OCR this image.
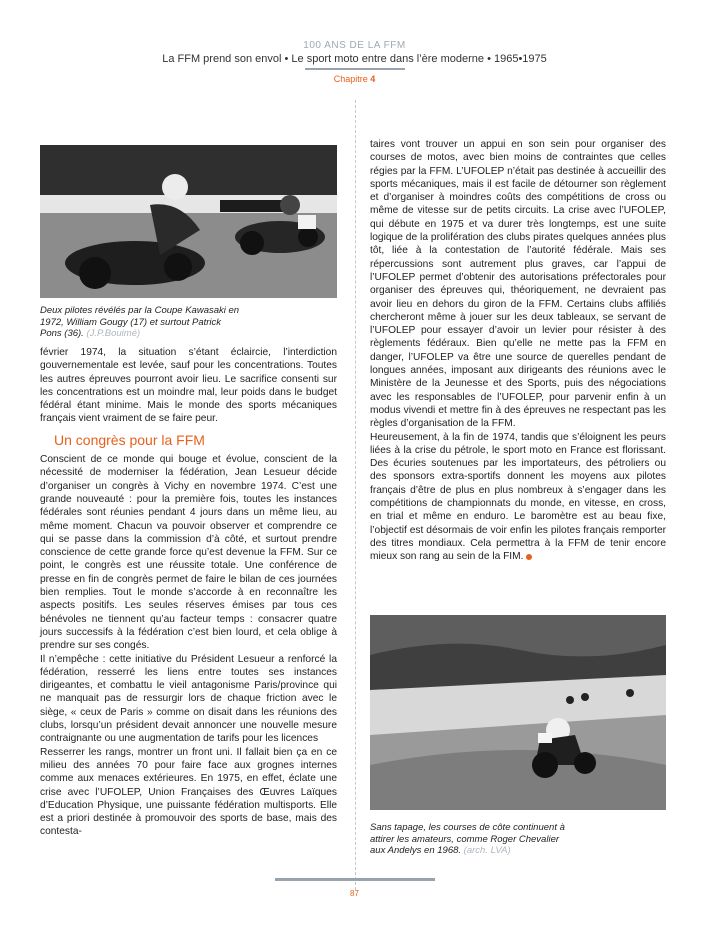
100 ANS DE LA FFM
La FFM prend son envol • Le sport moto entre dans l’ère moderne • 1965•1975
Chapitre 4
Deux pilotes révélés par la Coupe Kawasaki en 1972, William Gougy (17) et surtout Patrick Pons (36). (J.P.Bouimé)

février 1974, la situation s’étant éclaircie, l’interdiction gouvernementale est levée, sauf pour les concentrations. Toutes les autres épreuves pourront avoir lieu. Le sacrifice consenti sur les concentrations est un moindre mal, leur poids dans le budget fédéral étant minime. Mais le monde des sports mécaniques français vient vraiment de se faire peur.

Un congrès pour la FFM

Conscient de ce monde qui bouge et évolue, conscient de la nécessité de moderniser la fédération, Jean Lesueur décide d’organiser un congrès à Vichy en novembre 1974. C’est une grande nouveauté : pour la première fois, toutes les instances fédérales sont réunies pendant 4 jours dans un même lieu, au même moment. Chacun va pouvoir observer et comprendre ce qui se passe dans la commission d’à côté, et surtout prendre conscience de cette grande force qu’est devenue la FFM. Sur ce point, le congrès est une réussite totale. Une conférence de presse en fin de congrès permet de faire le bilan de ces journées bien remplies. Tout le monde s’accorde à en reconnaître les aspects positifs. Les seules réserves émises par tous ces bénévoles ne tiennent qu’au facteur temps : consacrer quatre jours successifs à la fédération c’est bien lourd, et cela oblige à prendre sur ses congés.

Il n’empêche : cette initiative du Président Lesueur a renforcé la fédération, resserré les liens entre toutes ses instances dirigeantes, et combattu le vieil antagonisme Paris/province qui ne manquait pas de ressurgir lors de chaque friction avec le siège, « ceux de Paris » comme on disait dans les réunions des clubs, lorsqu’un président devait annoncer une nouvelle mesure contraignante ou une augmentation de tarifs pour les licences

Resserrer les rangs, montrer un front uni. Il fallait bien ça en ce milieu des années 70 pour faire face aux grognes internes comme aux menaces extérieures. En 1975, en effet, éclate une crise avec l’UFOLEP, Union Françaises des Œuvres Laïques d’Education Physique, une puissante fédération multisports. Elle est a priori destinée à promouvoir des sports de base, mais des contesta-

taires vont trouver un appui en son sein pour organiser des courses de motos, avec bien moins de contraintes que celles régies par la FFM. L’UFOLEP n’était pas destinée à accueillir des sports mécaniques, mais il est facile de détourner son règlement et d’organiser à moindres coûts des compétitions de cross ou même de vitesse sur de petits circuits. La crise avec l’UFOLEP, qui débute en 1975 et va durer très longtemps, est une suite logique de la prolifération des clubs pirates quelques années plus tôt, liée à la contestation de l’autorité fédérale. Mais ses répercussions sont autrement plus graves, car l’appui de l’UFOLEP permet d’obtenir des autorisations préfectorales pour organiser des épreuves qui, théoriquement, ne devraient pas avoir lieu en dehors du giron de la FFM. Certains clubs affiliés chercheront même à jouer sur les deux tableaux, se servant de l’UFOLEP pour essayer d’avoir un levier pour résister à des règlements fédéraux. Bien qu’elle ne mette pas la FFM en danger, l’UFOLEP va être une source de querelles pendant de longues années, imposant aux dirigeants des réunions avec le Ministère de la Jeunesse et des Sports, puis des négociations avec les responsables de l’UFOLEP, pour parvenir enfin à un modus vivendi et mettre fin à des épreuves ne respectant pas les règles d’organisation de la FFM.

Heureusement, à la fin de 1974, tandis que s’éloignent les peurs liées à la crise du pétrole, le sport moto en France est florissant. Des écuries soutenues par les importateurs, des pétroliers ou des sponsors extra-sportifs donnent les moyens aux pilotes français d’être de plus en plus nombreux à s’engager dans les compétitions de championnats du monde, en vitesse, en cross, en trial et même en enduro. Le baromètre est au beau fixe, l’objectif est désormais de voir enfin les pilotes français remporter des titres mondiaux. Cela permettra à la FFM de tenir encore mieux son rang au sein de la FIM.

Sans tapage, les courses de côte continuent à attirer les amateurs, comme Roger Chevalier aux Andelys en 1968. (arch. LVA)
87
